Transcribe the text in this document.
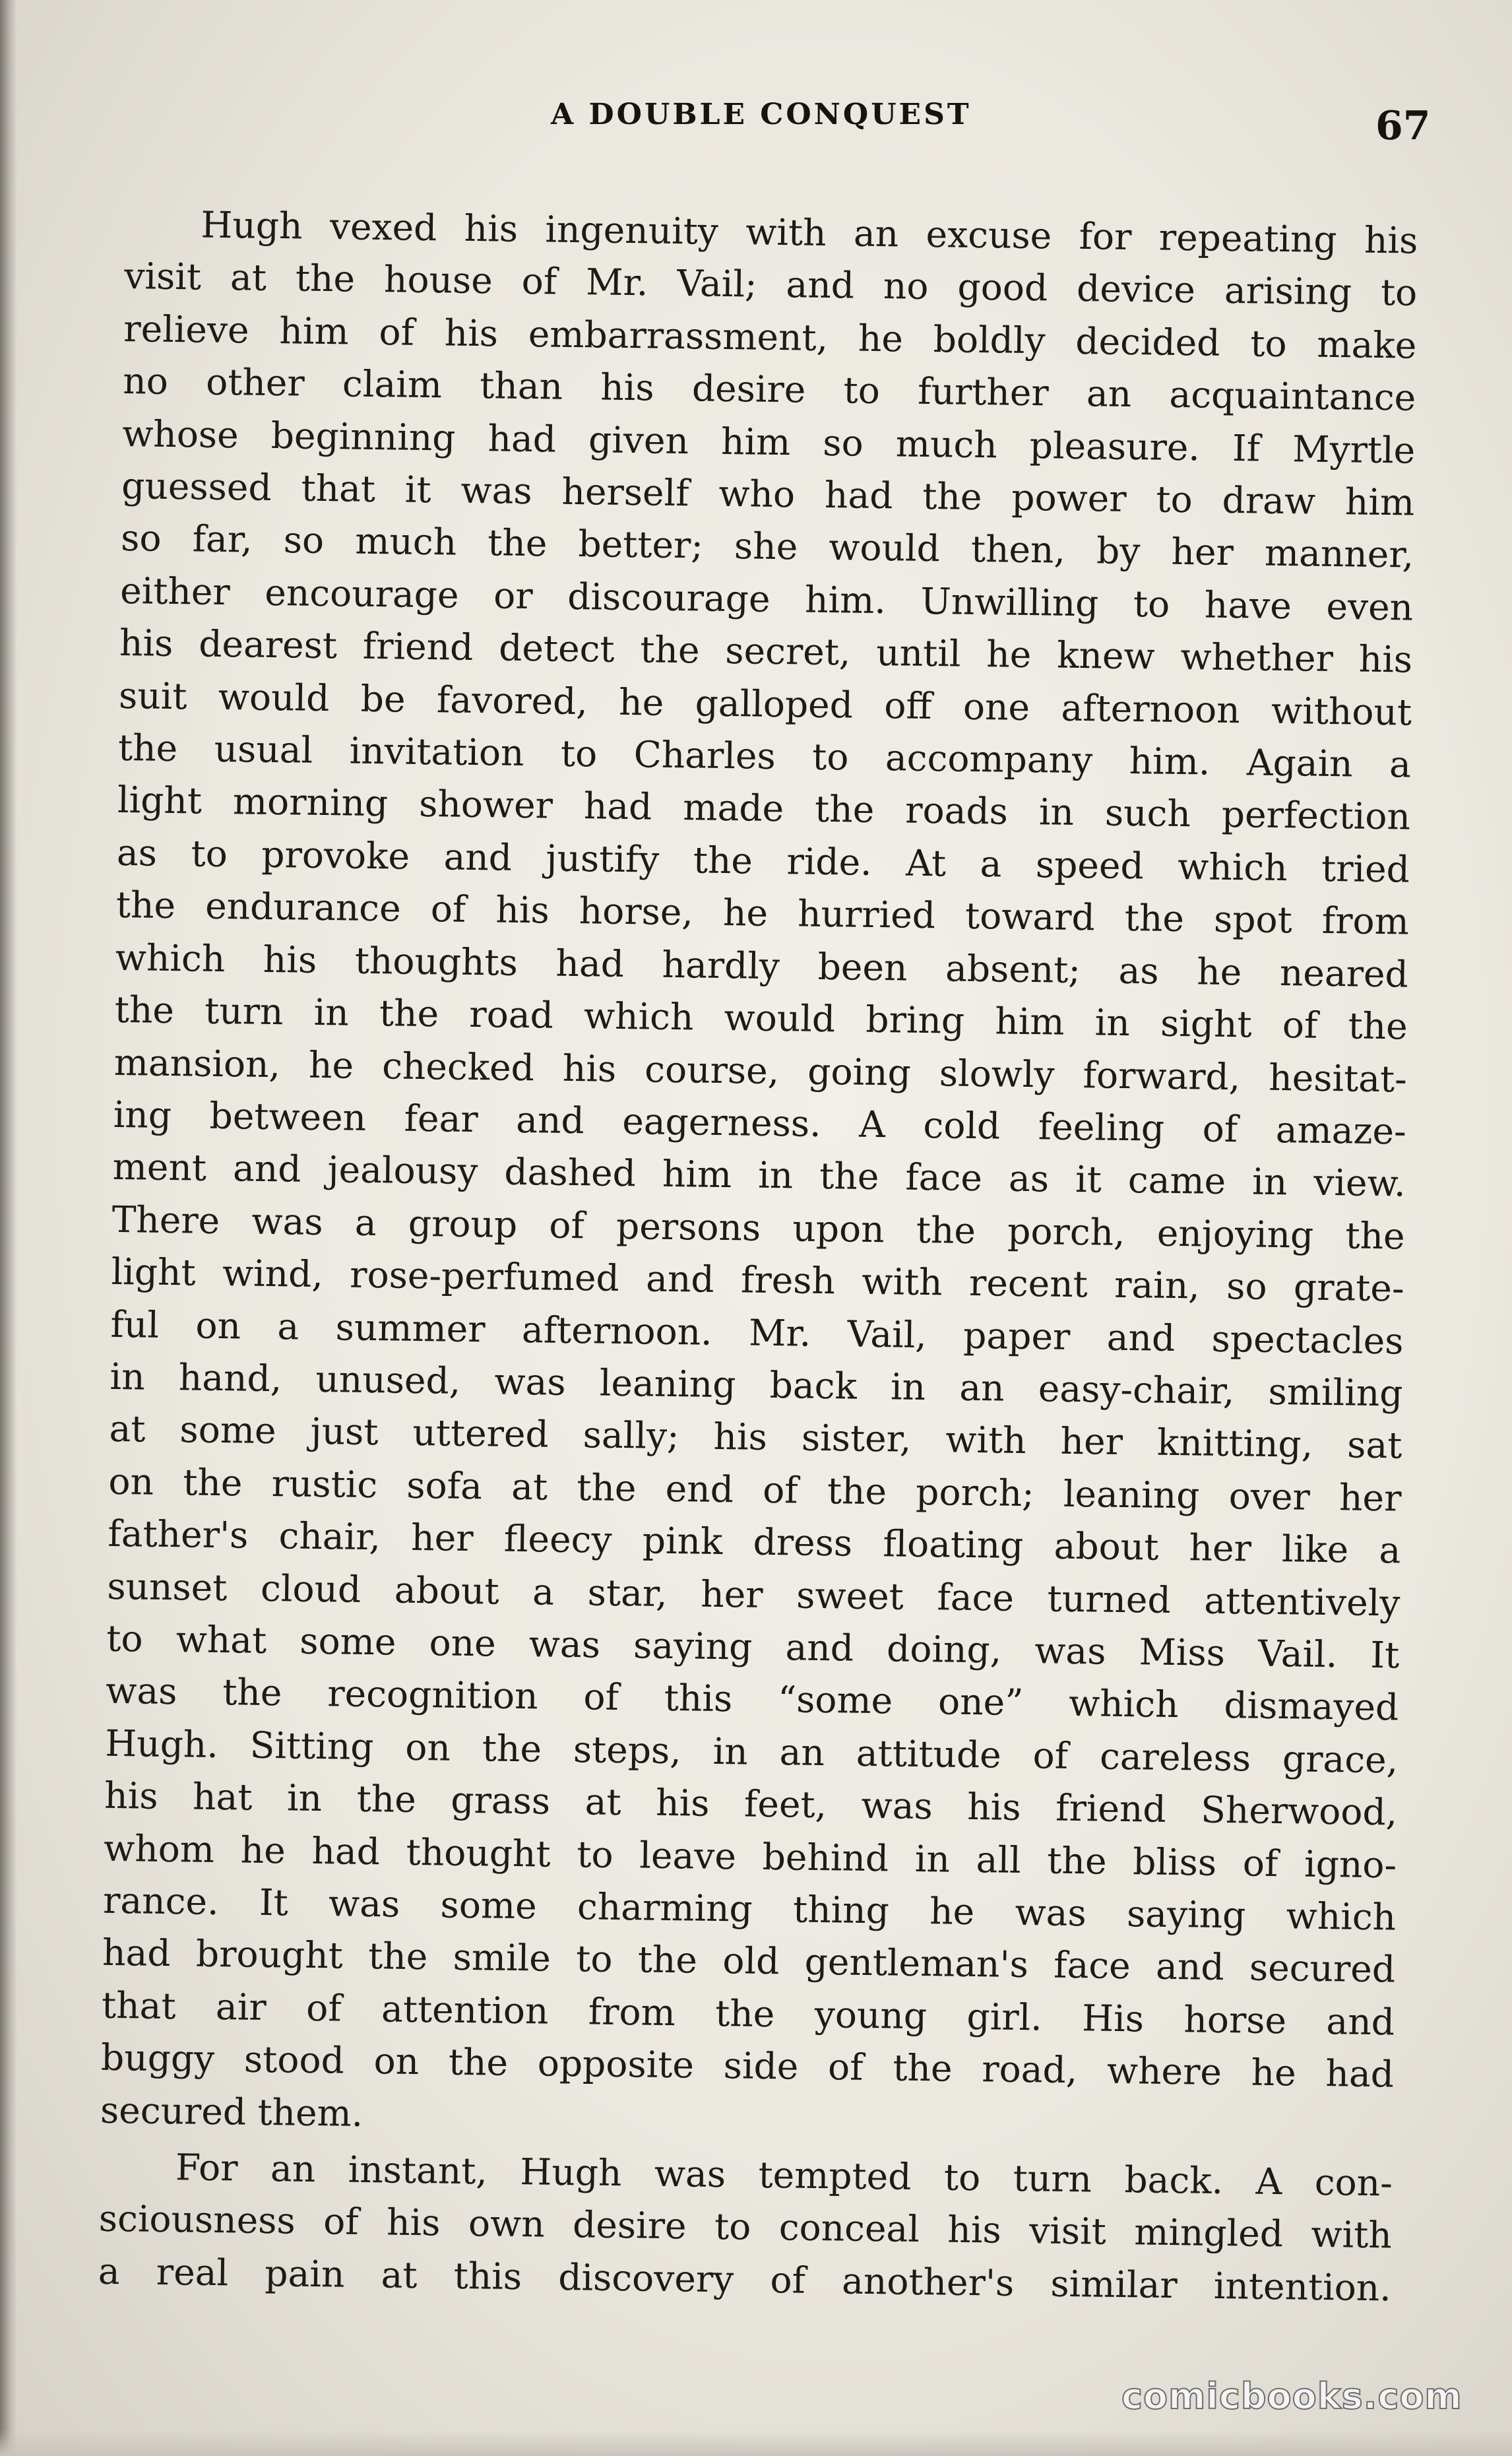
A DOUBLE CONQUEST	67
Hugh vexed his ingenuity with an excuse for repeating his
visit at the house of Mr. Vail; and no good device arising to
relieve him of his embarrassment, he boldly decided to make
no other claim than his desire to further an acquaintance
whose beginning had given him so much pleasure. If Myrtle
guessed that it was herself who had the power to draw him
so far, so much the better; she would then, by her manner,
either encourage or discourage him. Unwilling to have even
his dearest friend detect the secret, until he knew whether his
suit would be favored, he galloped off one afternoon without
the usual invitation to Charles to accompany him. Again a
light morning shower had made the roads in such perfection
as to provoke and justify the ride. At a speed which tried
the endurance of his horse, he hurried toward the spot from
which his thoughts had hardly been absent; as he neared
the turn in the road which would bring him in sight of the
mansion, he checked his course, going slowly forward, hesitat-
ing between fear and eagerness. A cold feeling of amaze-
ment and jealousy dashed him in the face as it came in view.
There was a group of persons upon the porch, enjoying the
light wind, rose-perfumed and fresh with recent rain, so grate-
ful on a summer afternoon. Mr. Vail, paper and spectacles
in hand, unused, was leaning back in an easy-chair, smiling
at some just uttered sally; his sister, with her knitting, sat
on the rustic sofa at the end of the porch; leaning over her
father's chair, her fleecy pink dress floating about her like a
sunset cloud about a star, her sweet face turned attentively
to what some one was saying and doing, was Miss Vail. It
was the recognition of this “some one” which dismayed
Hugh. Sitting on the steps, in an attitude of careless grace,
his hat in the grass at his feet, was his friend Sherwood,
whom he had thought to leave behind in all the bliss of igno-
rance. It was some charming thing he was saying which
had brought the smile to the old gentleman's face and secured
that air of attention from the young girl. His horse and
buggy stood on the opposite side of the road, where he had
secured them.
For an instant, Hugh was tempted to turn back. A con-
sciousness of his own desire to conceal his visit mingled with
a real pain at this discovery of another's similar intention.
comicbooks.com
